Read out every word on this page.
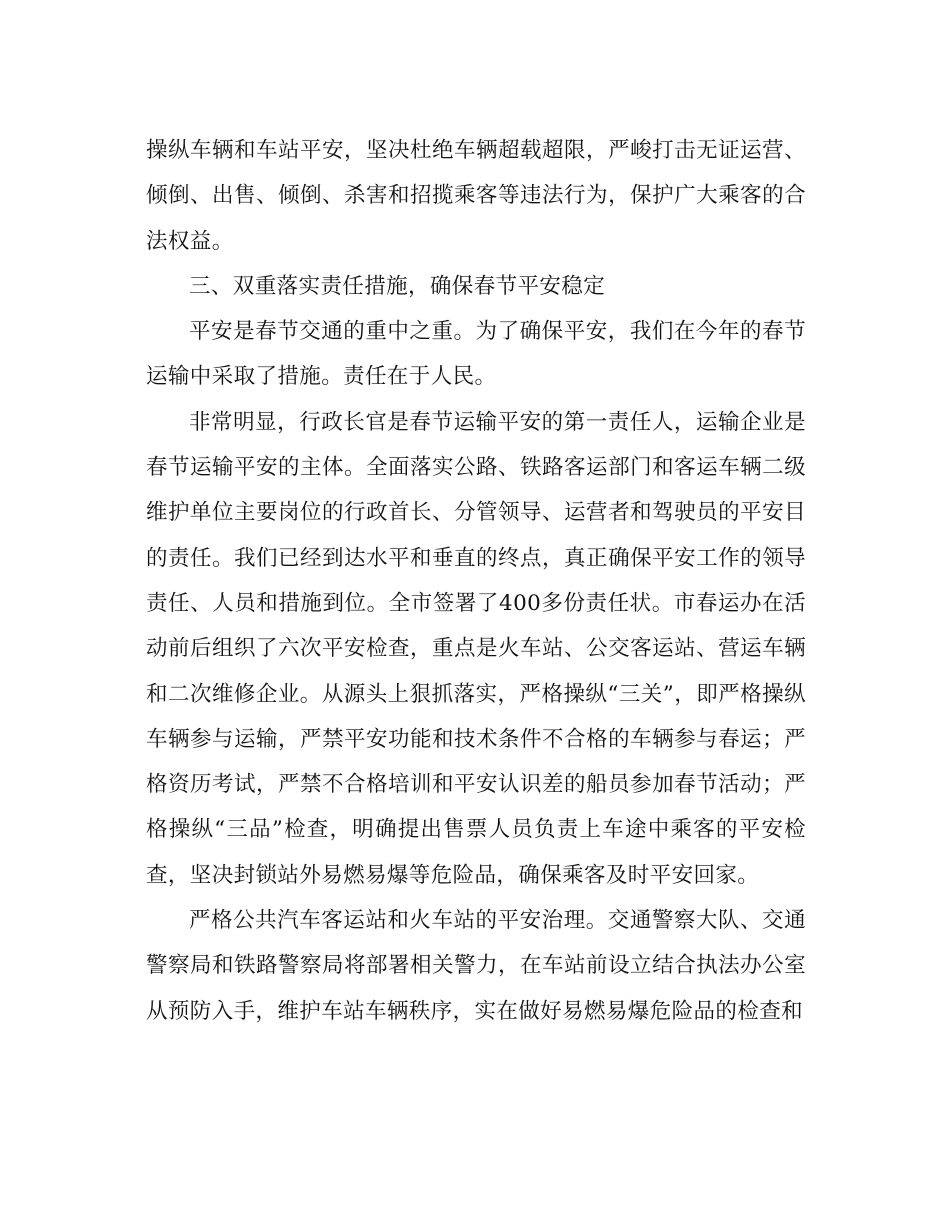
操纵车辆和车站平安，坚决杜绝车辆超载超限，严峻打击无证运营、倾倒、出售、倾倒、杀害和招揽乘客等违法行为，保护广大乘客的合法权益。

三、双重落实责任措施，确保春节平安稳定

平安是春节交通的重中之重。为了确保平安，我们在今年的春节运输中采取了措施。责任在于人民。

非常明显，行政长官是春节运输平安的第一责任人，运输企业是春节运输平安的主体。全面落实公路、铁路客运部门和客运车辆二级维护单位主要岗位的行政首长、分管领导、运营者和驾驶员的平安目的责任。我们已经到达水平和垂直的终点，真正确保平安工作的领导责任、人员和措施到位。全市签署了400多份责任状。市春运办在活动前后组织了六次平安检查，重点是火车站、公交客运站、营运车辆和二次维修企业。从源头上狠抓落实，严格操纵“三关”，即严格操纵车辆参与运输，严禁平安功能和技术条件不合格的车辆参与春运；严格资历考试，严禁不合格培训和平安认识差的船员参加春节活动；严格操纵“三品”检查，明确提出售票人员负责上车途中乘客的平安检查，坚决封锁站外易燃易爆等危险品，确保乘客及时平安回家。

严格公共汽车客运站和火车站的平安治理。交通警察大队、交通警察局和铁路警察局将部署相关警力，在车站前设立结合执法办公室从预防入手，维护车站车辆秩序，实在做好易燃易爆危险品的检查和
